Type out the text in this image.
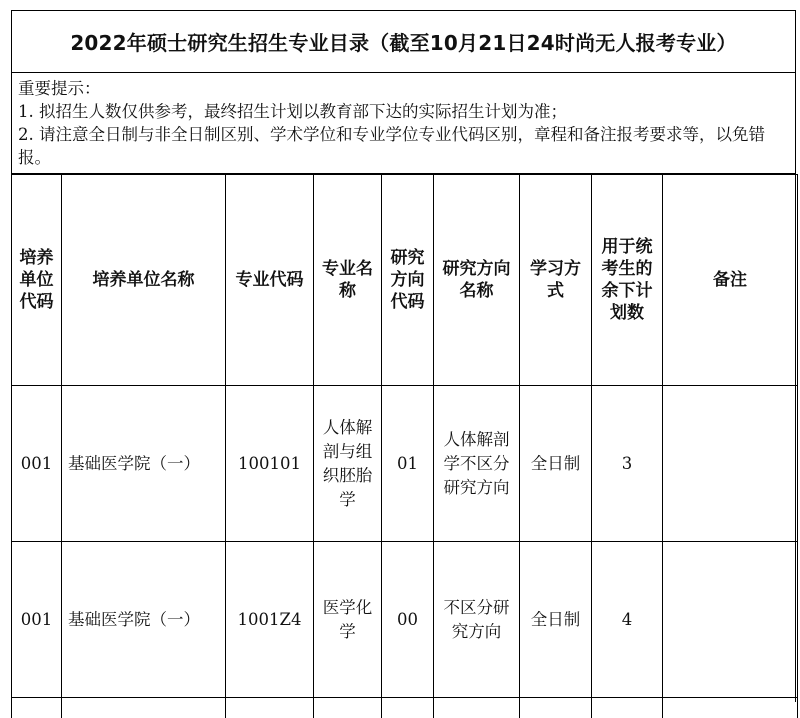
2022年硕士研究生招生专业目录（截至10月21日24时尚无人报考专业）
重要提示：
1. 拟招生人数仅供参考，最终招生计划以教育部下达的实际招生计划为准；
2. 请注意全日制与非全日制区别、学术学位和专业学位专业代码区别，章程和备注报考要求等，以免错报。
培养单位代码	培养单位名称	专业代码	专业名称	研究方向代码	研究方向名称	学习方式	用于统考生的余下计划数	备注
001	基础医学院（一）	100101	人体解剖与组织胚胎学	01	人体解剖学不区分研究方向	全日制	3	
001	基础医学院（一）	1001Z4	医学化学	00	不区分研究方向	全日制	4	
